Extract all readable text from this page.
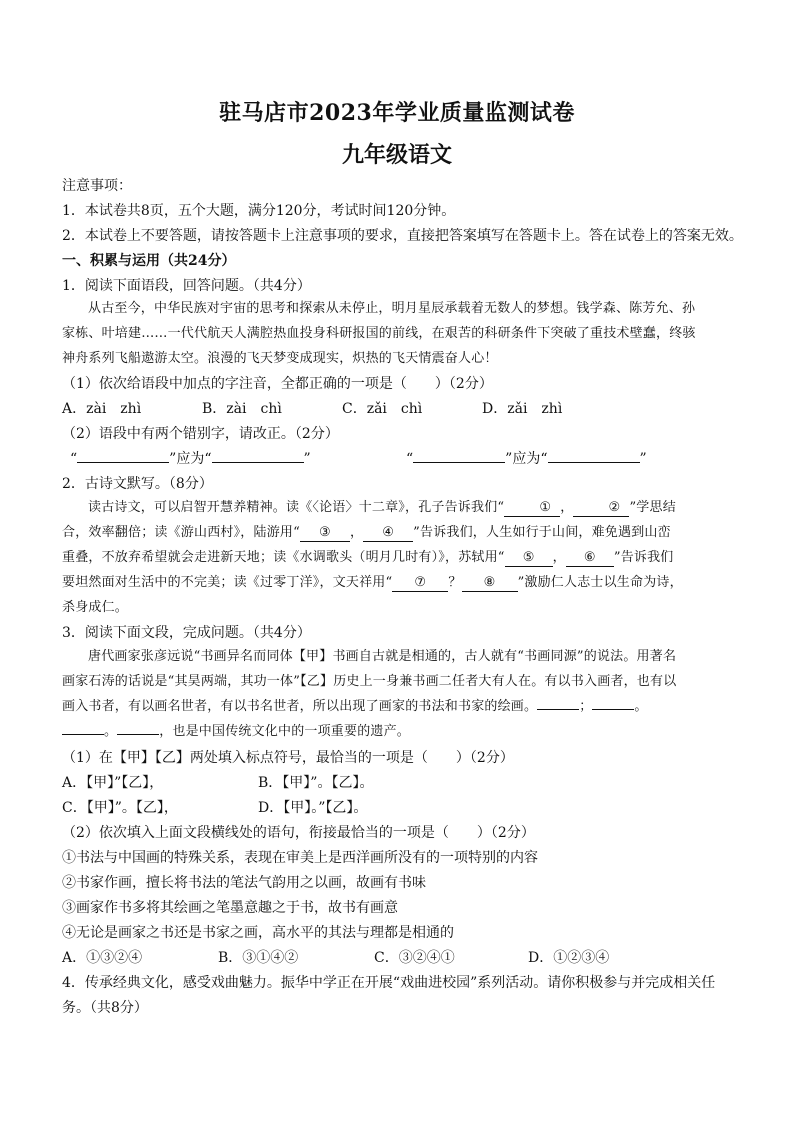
驻马店市2023年学业质量监测试卷
九年级语文
注意事项：
1．本试卷共8页，五个大题，满分120分，考试时间120分钟。
2．本试卷上不要答题，请按答题卡上注意事项的要求，直接把答案填写在答题卡上。答在试卷上的答案无效。
一、积累与运用（共24分）
1．阅读下面语段，回答问题。（共4分）
从古至今，中华民族对宇宙的思考和探索从未停止，明月星辰承载着无数人的梦想。钱学森、陈芳允、孙
家栋、叶培建……一代代航天人满腔热血投身科研报国的前线，在艰苦的科研条件下突破了重技术壁蠢，终骇
神舟系列飞船遨游太空。浪漫的飞天梦变成现实，炽热的飞天情震奋人心！
（1）依次给语段中加点的字注音，全都正确的一项是（　　）（2分）
A．zài　zhì	B．zài　chì	C．zǎi　chì	D．zǎi　zhì
（2）语段中有两个错别字，请改正。（2分）
“	”应为“	”	“	”应为“	”
2．古诗文默写。（8分）
读古诗文，可以启智开慧养精神。读《〈论语〉十二章》，孔子告诉我们“	① ，	② ”学思结
合，效率翻倍；读《游山西村》，陆游用“ ③ ， ④ ”告诉我们，人生如行于山间，难免遇到山峦
重叠，不放弃希望就会走进新天地；读《水调歌头（明月几时有）》，苏轼用“ ⑤ ， ⑥ ”告诉我们
要坦然面对生活中的不完美；读《过零丁洋》，文天祥用“ ⑦ ？ ⑧ ”激励仁人志士以生命为诗，
杀身成仁。
3．阅读下面文段，完成问题。（共4分）
唐代画家张彦远说“书画异名而同体【甲】书画自古就是相通的，古人就有“书画同源”的说法。用著名
画家石涛的话说是“其昊两端，其功一体”【乙】历史上一身兼书画二任者大有人在。有以书入画者，也有以
画入书者，有以画名世者，有以书名世者，所以出现了画家的书法和书家的绘画。	；	。
。	，也是中国传统文化中的一项重要的遗产。
（1）在【甲】【乙】两处填入标点符号，最恰当的一项是（　　）（2分）
A．【甲】”【乙】，	B．【甲】”。【乙】。
C．【甲】”。【乙】，	D．【甲】。”【乙】。
（2）依次填入上面文段横线处的语句，衔接最恰当的一项是（　　）（2分）
①书法与中国画的特殊关系，表现在审美上是西洋画所没有的一项特别的内容
②书家作画，擅长将书法的笔法气韵用之以画，故画有书味
③画家作书多将其绘画之笔墨意趣之于书，故书有画意
④无论是画家之书还是书家之画，高水平的其法与理都是相通的
A．①③②④	B．③①④②	C．③②④①	D．①②③④
4．传承经典文化，感受戏曲魅力。振华中学正在开展“戏曲进校园”系列活动。请你积极参与并完成相关任
务。（共8分）
